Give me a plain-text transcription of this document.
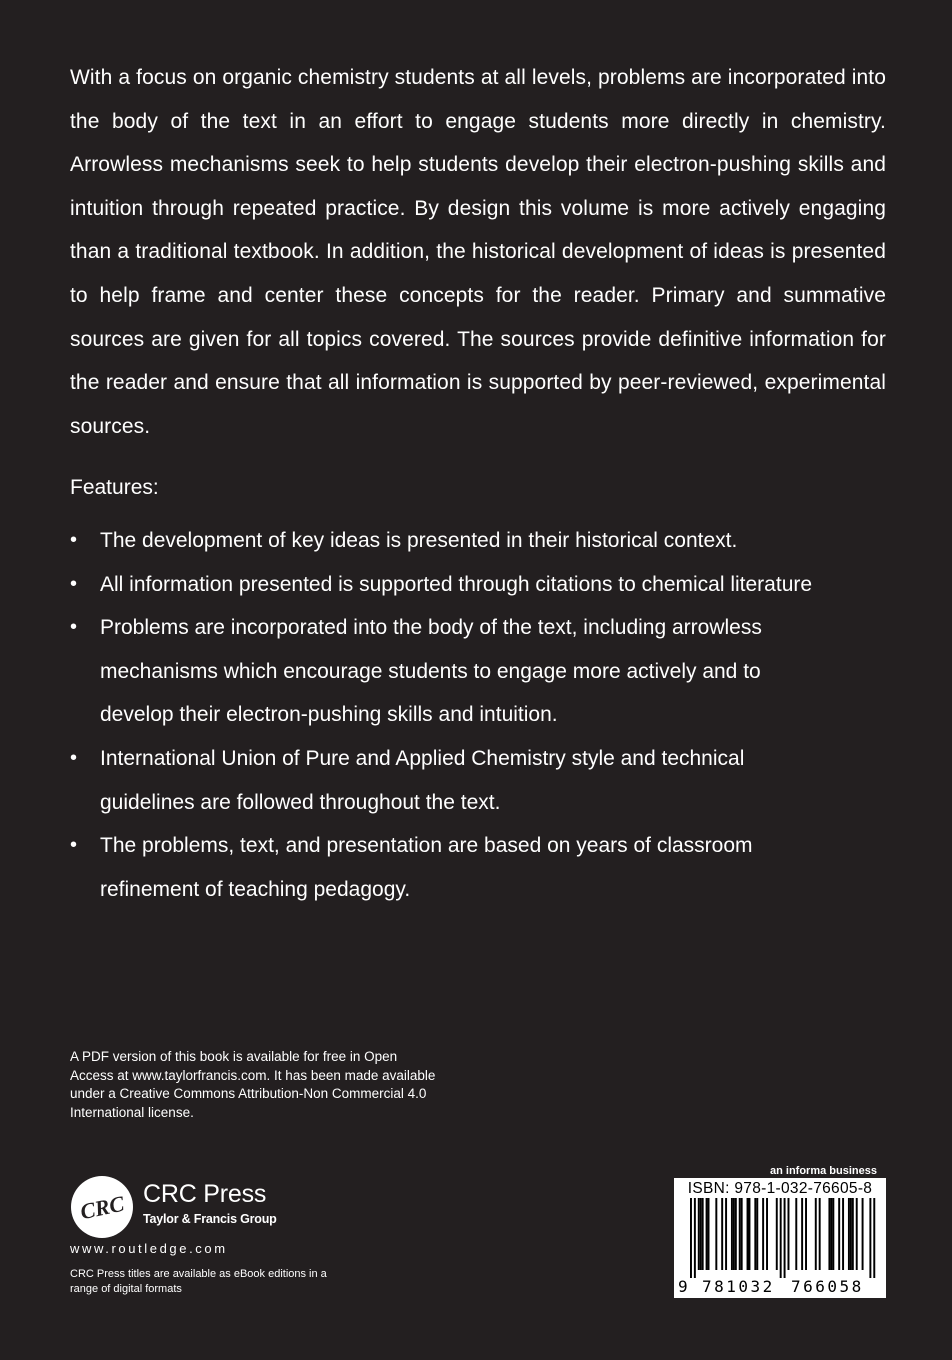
With a focus on organic chemistry students at all levels, problems are incorporated into the body of the text in an effort to engage students more directly in chemistry. Arrowless mechanisms seek to help students develop their electron-pushing skills and intuition through repeated practice. By design this volume is more actively engaging than a traditional textbook. In addition, the historical development of ideas is presented to help frame and center these concepts for the reader. Primary and summative sources are given for all topics covered. The sources provide definitive information for the reader and ensure that all information is supported by peer-reviewed, experimental sources.

Features:

• The development of key ideas is presented in their historical context.
• All information presented is supported through citations to chemical literature
• Problems are incorporated into the body of the text, including arrowless mechanisms which encourage students to engage more actively and to develop their electron-pushing skills and intuition.
• International Union of Pure and Applied Chemistry style and technical guidelines are followed throughout the text.
• The problems, text, and presentation are based on years of classroom refinement of teaching pedagogy.

A PDF version of this book is available for free in Open Access at www.taylorfrancis.com. It has been made available under a Creative Commons Attribution-Non Commercial 4.0 International license.

CRC CRC Press
Taylor & Francis Group
www.routledge.com
CRC Press titles are available as eBook editions in a range of digital formats
an informa business
ISBN: 978-1-032-76605-8
9 781032 766058
